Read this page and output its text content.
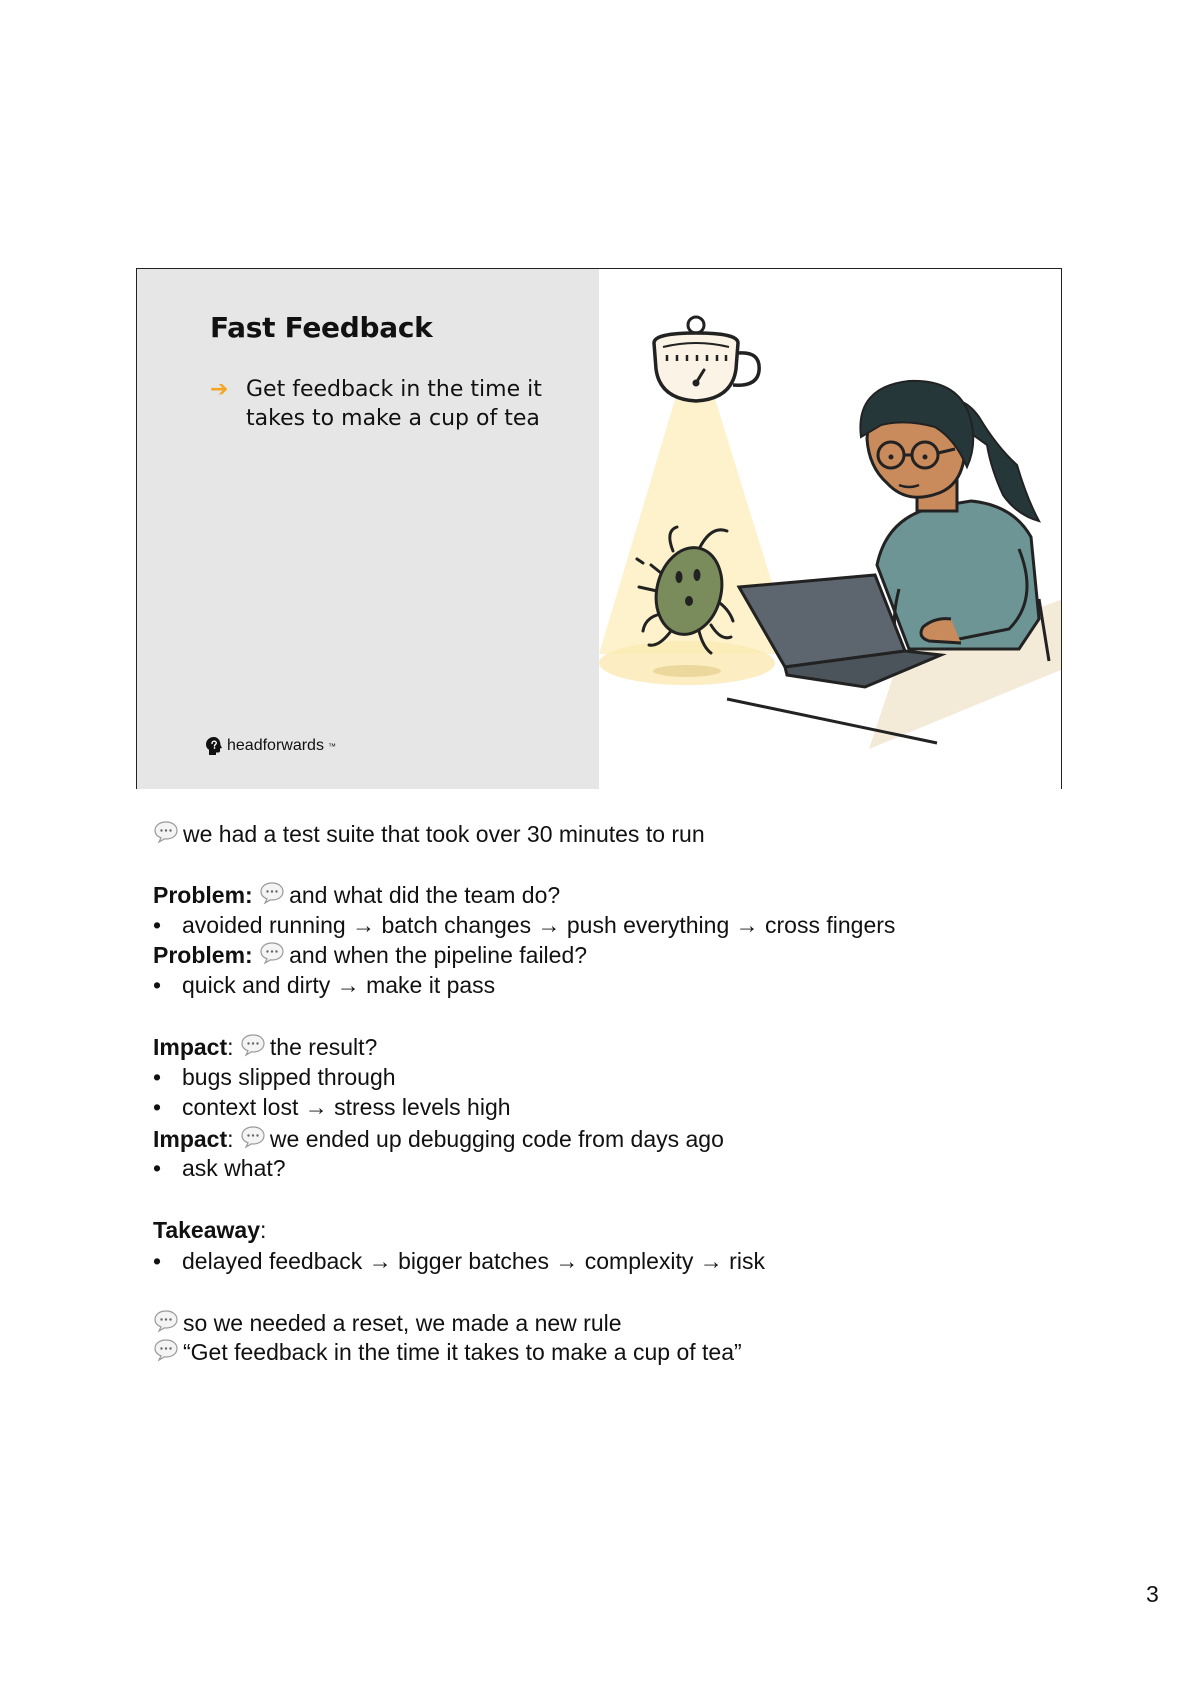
Fast Feedback
➔ Get feedback in the time it takes to make a cup of tea
headforwards ™
we had a test suite that took over 30 minutes to run
Problem: and what did the team do?
• avoided running → batch changes → push everything → cross fingers
Problem: and when the pipeline failed?
• quick and dirty → make it pass
Impact: the result?
• bugs slipped through
• context lost → stress levels high
Impact: we ended up debugging code from days ago
• ask what?
Takeaway:
• delayed feedback → bigger batches → complexity → risk
so we needed a reset, we made a new rule
“Get feedback in the time it takes to make a cup of tea”
3
